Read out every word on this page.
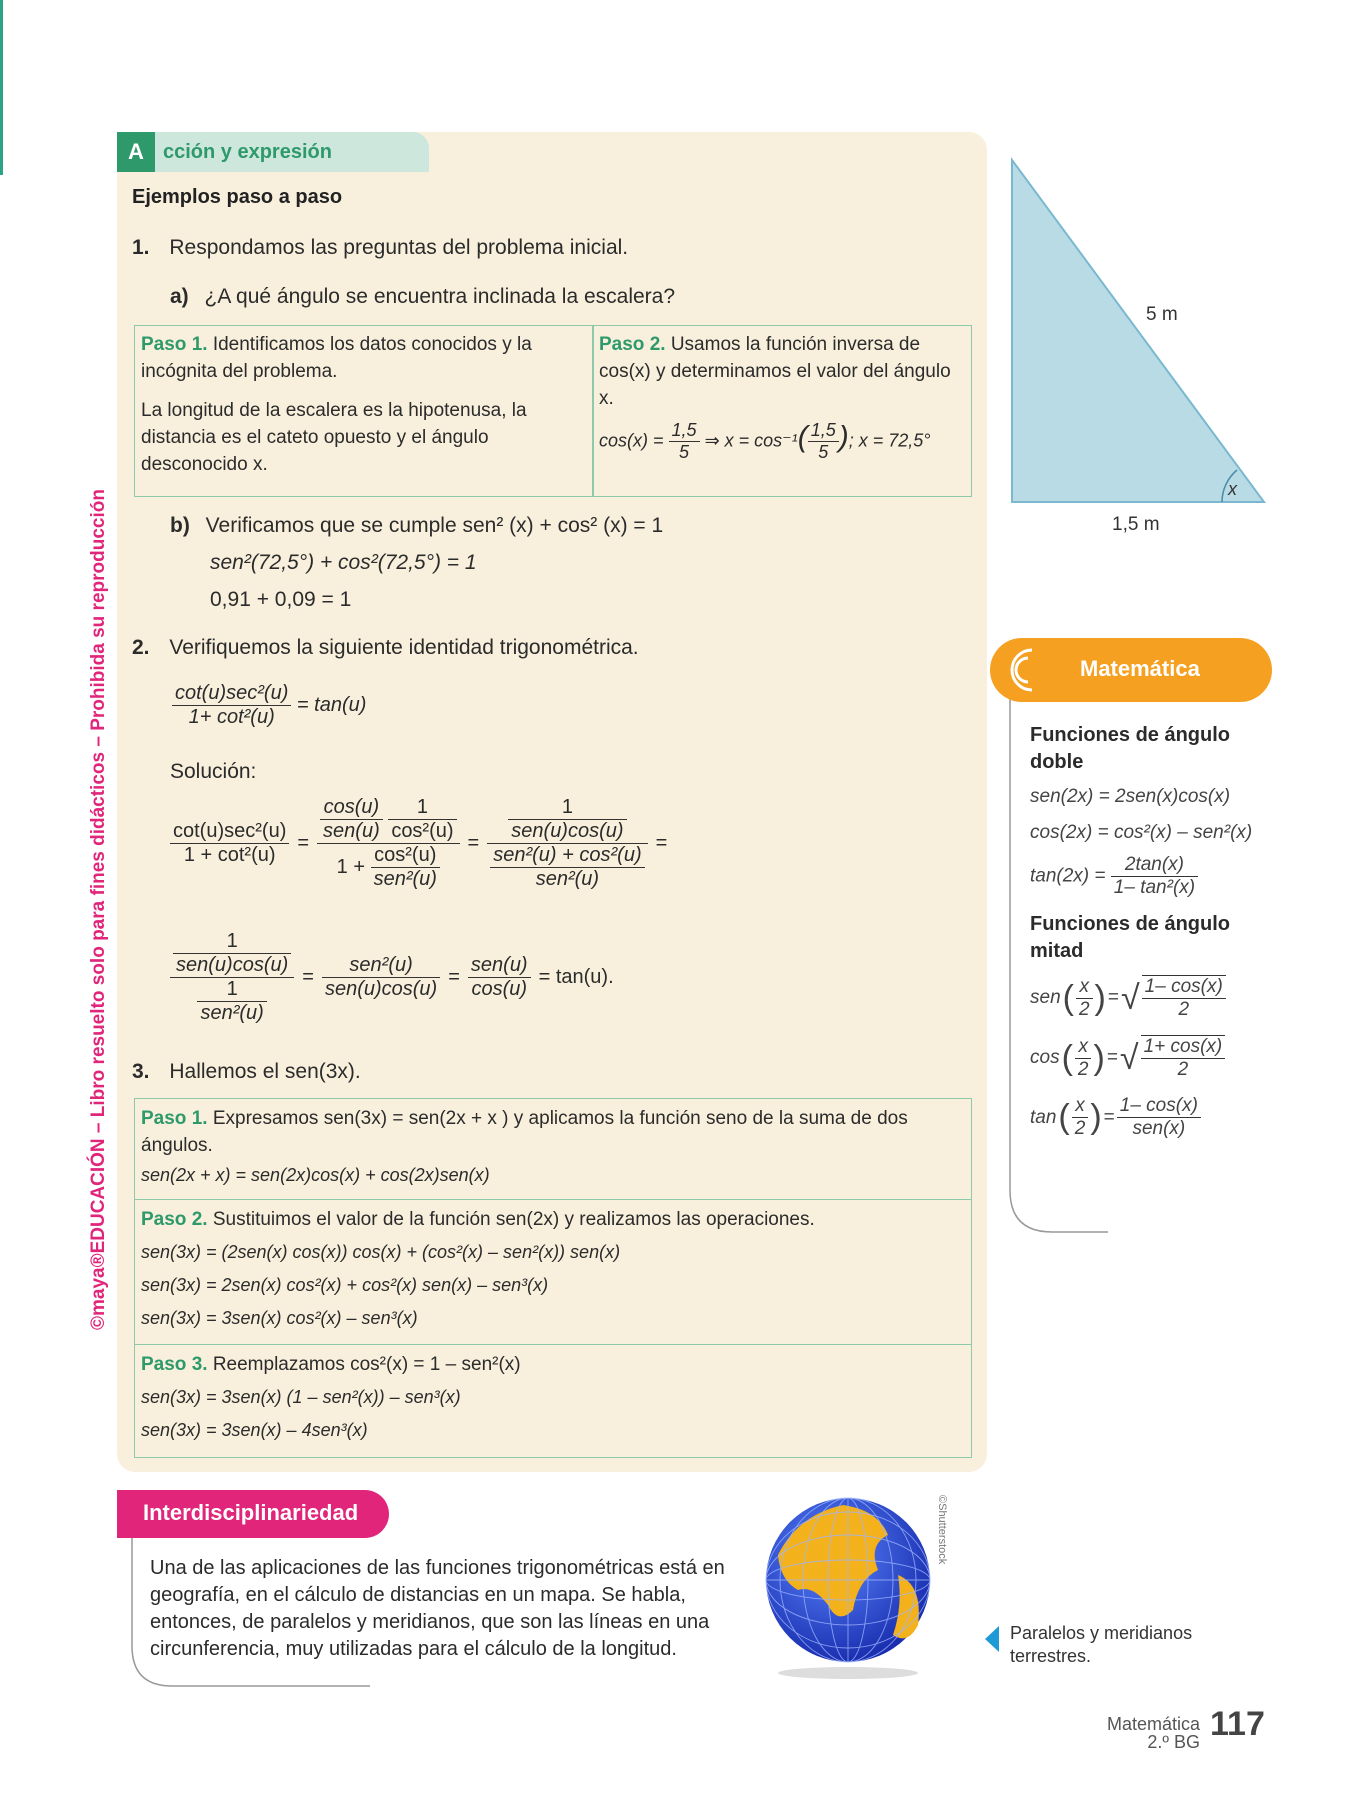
©maya®EDUCACIÓN – Libro resuelto solo para fines didácticos – Prohibida su reproducción
A cción y expresión
Ejemplos paso a paso
1. Respondamos las preguntas del problema inicial.
a) ¿A qué ángulo se encuentra inclinada la escalera?

Paso 1. Identificamos los datos conocidos y la incógnita del problema.

La longitud de la escalera es la hipotenusa, la distancia es el cateto opuesto y el ángulo desconocido x.

Paso 2. Usamos la función inversa de cos(x) y determinamos el valor del ángulo x.

$\cos(x) = \frac{1,5}{5}$ ⇒ $x = \cos^{-1}( \frac{1,5}{5}$ ); x = 72,5°
b) Verificamos que se cumple sen² (x) + cos² (x) = 1
sen²(72,5°) + cos²(72,5°) = 1
0,91 + 0,09 = 1
2. Verifiquemos la siguiente identidad trigonométrica.
$\frac{\text{cot(u)sec²(u)}}{\text{1+ cot²(u)}} = \tan(u)$
Solución:
$\frac{\text{cot(u)sec²(u)}}{\text{1 + cot²(u)}} = \frac{\cos(u)}{\text{sen(u)}}$
$\frac{1}{\text{cos²(u)}}$
$1 + \frac{\text{cos²(u)}}{\text{sen²(u)}} = \frac{\frac{1}{\text{sen(u)cos(u)}}}{\frac{\text{sen²(u) + cos²(u)}}{\text{sen²(u)}}}$ =
$\frac{\frac{1}{\text{sen(u)cos(u)}}}{\frac{1}{\text{sen²(u)}}} = \frac{\text{sen²(u)}}{\text{sen(u)cos(u)}} = \frac{\text{sen(u)}}{\cos(u)} = \tan(u)$.
3. Hallemos el sen(3x).

Paso 1. Expresamos sen(3x) = sen(2x + x ) y aplicamos la función seno de la suma de dos ángulos.

sen(2x + x) = sen(2x)cos(x) + cos(2x)sen(x)

Paso 2. Sustituimos el valor de la función sen(2x) y realizamos las operaciones.

sen(3x) = (2sen(x) cos(x)) cos(x) + (cos²(x) – sen²(x)) sen(x)

sen(3x) = 2sen(x) cos²(x) + cos²(x) sen(x) – sen³(x)

sen(3x) = 3sen(x) cos²(x) – sen³(x)

Paso 3. Reemplazamos cos²(x) = 1 – sen²(x)

sen(3x) = 3sen(x) (1 – sen²(x)) – sen³(x)

sen(3x) = 3sen(x) – 4sen³(x)

x
5 m
1,5 m
Matemática
Funciones de ángulo doble
sen(2x) = 2sen(x)cos(x)
cos(2x) = cos²(x) – sen²(x)
$\tan(2x) = \frac{2\tan(x)}{\text{1– tan²(x)}}$
Funciones de ángulo mitad
sen ( $\frac{x}{2}$ ) = √ $\frac{1- \cos(x)}{2}$
cos ( $\frac{x}{2}$ ) = √ $\frac{1+ \cos(x)}{2}$
tan ( $\frac{x}{2}$ ) = $\frac{1- \cos(x)}{\text{sen(x)}}$
Interdisciplinariedad
Una de las aplicaciones de las funciones trigonométricas está en geografía, en el cálculo de distancias en un mapa. Se habla, entonces, de paralelos y meridianos, que son las líneas en una circunferencia, muy utilizadas para el cálculo de la longitud.
©Shutterstock
Paralelos y meridianos terrestres.
Matemática
2.º BG 117
